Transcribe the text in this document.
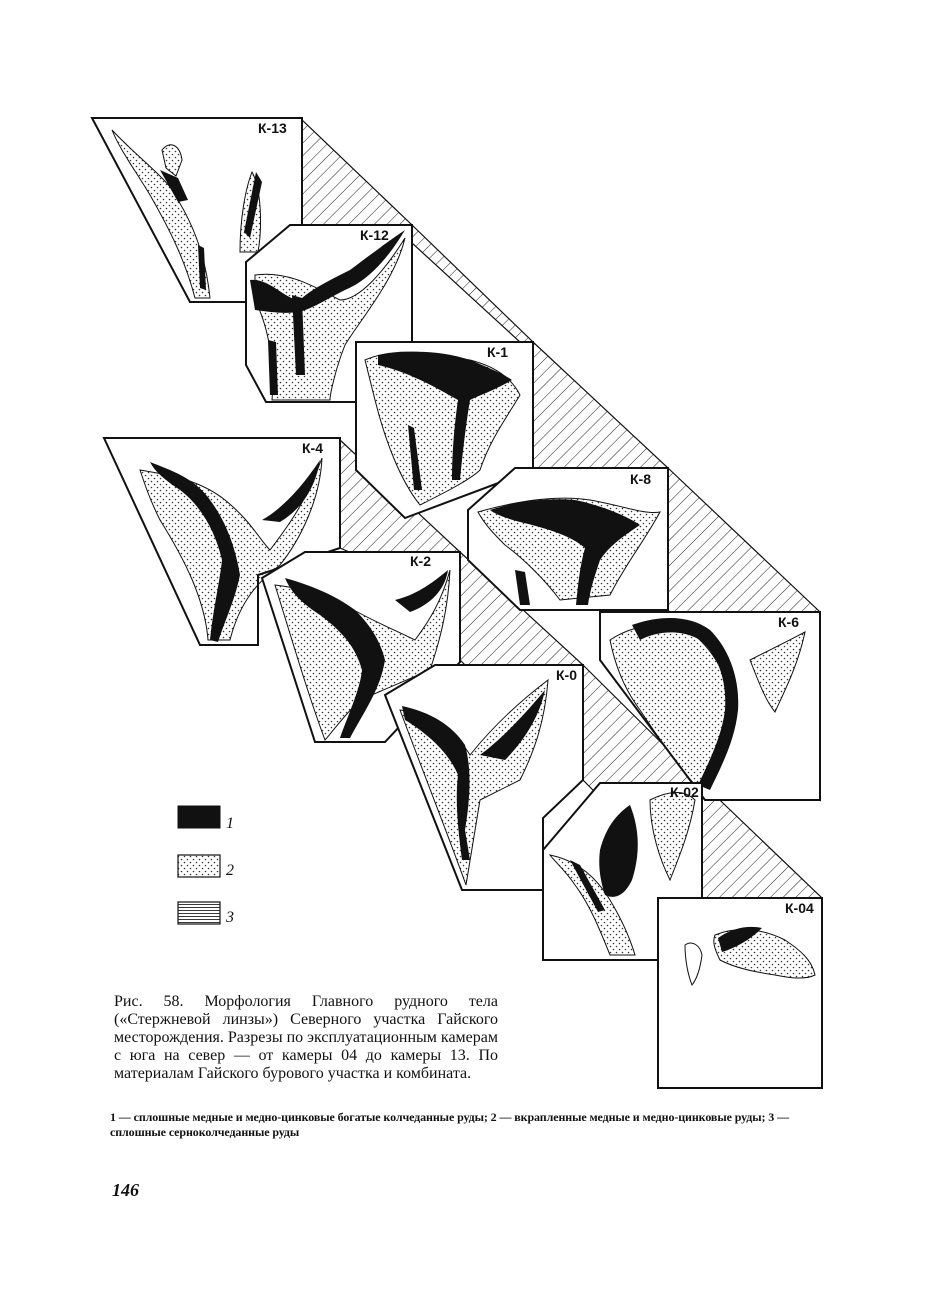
К-13
К-12
К-1
К-4
К-8
К-2
К-6
К-0
К-02
К-04
1
2
3
Рис. 58. Морфология Главного рудного тела («Стержневой линзы») Северного участка Гайского месторождения. Разрезы по эксплуатационным камерам с юга на север — от камеры 04 до камеры 13. По материалам Гайского бурового участка и комбината.
1 — сплошные медные и медно-цинковые богатые колчеданные руды; 2 — вкрапленные медные и медно-цинковые руды; 3 — сплошные серноколчеданные руды
146
